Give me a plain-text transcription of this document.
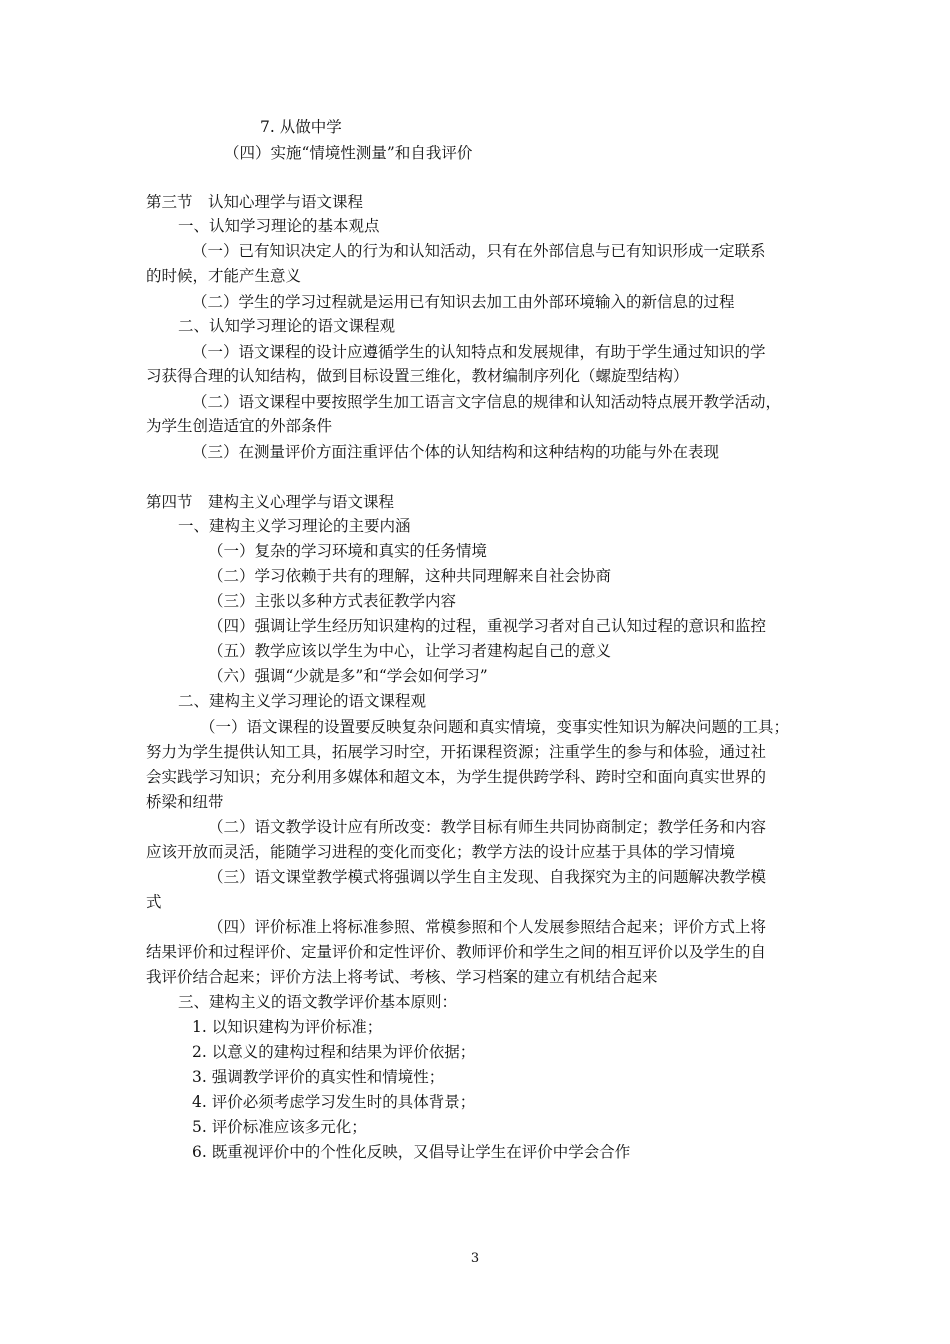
7. 从做中学

（四）实施“情境性测量”和自我评价

第三节　认知心理学与语文课程

一、认知学习理论的基本观点

（一）已有知识决定人的行为和认知活动，只有在外部信息与已有知识形成一定联系

的时候，才能产生意义

（二）学生的学习过程就是运用已有知识去加工由外部环境输入的新信息的过程

二、认知学习理论的语文课程观

（一）语文课程的设计应遵循学生的认知特点和发展规律，有助于学生通过知识的学

习获得合理的认知结构，做到目标设置三维化，教材编制序列化（螺旋型结构）

（二）语文课程中要按照学生加工语言文字信息的规律和认知活动特点展开教学活动，

为学生创造适宜的外部条件

（三）在测量评价方面注重评估个体的认知结构和这种结构的功能与外在表现

第四节　建构主义心理学与语文课程

一、建构主义学习理论的主要内涵

（一）复杂的学习环境和真实的任务情境

（二）学习依赖于共有的理解，这种共同理解来自社会协商

（三）主张以多种方式表征教学内容

（四）强调让学生经历知识建构的过程，重视学习者对自己认知过程的意识和监控

（五）教学应该以学生为中心，让学习者建构起自己的意义

（六）强调“少就是多”和“学会如何学习”

二、建构主义学习理论的语文课程观

（一）语文课程的设置要反映复杂问题和真实情境，变事实性知识为解决问题的工具；

努力为学生提供认知工具，拓展学习时空，开拓课程资源；注重学生的参与和体验，通过社

会实践学习知识；充分利用多媒体和超文本，为学生提供跨学科、跨时空和面向真实世界的

桥梁和纽带

（二）语文教学设计应有所改变：教学目标有师生共同协商制定；教学任务和内容

应该开放而灵活，能随学习进程的变化而变化；教学方法的设计应基于具体的学习情境

（三）语文课堂教学模式将强调以学生自主发现、自我探究为主的问题解决教学模

式

（四）评价标准上将标准参照、常模参照和个人发展参照结合起来；评价方式上将

结果评价和过程评价、定量评价和定性评价、教师评价和学生之间的相互评价以及学生的自

我评价结合起来；评价方法上将考试、考核、学习档案的建立有机结合起来

三、建构主义的语文教学评价基本原则：

1. 以知识建构为评价标准；

2. 以意义的建构过程和结果为评价依据；

3. 强调教学评价的真实性和情境性；

4. 评价必须考虑学习发生时的具体背景；

5. 评价标准应该多元化；

6. 既重视评价中的个性化反映，又倡导让学生在评价中学会合作

3
